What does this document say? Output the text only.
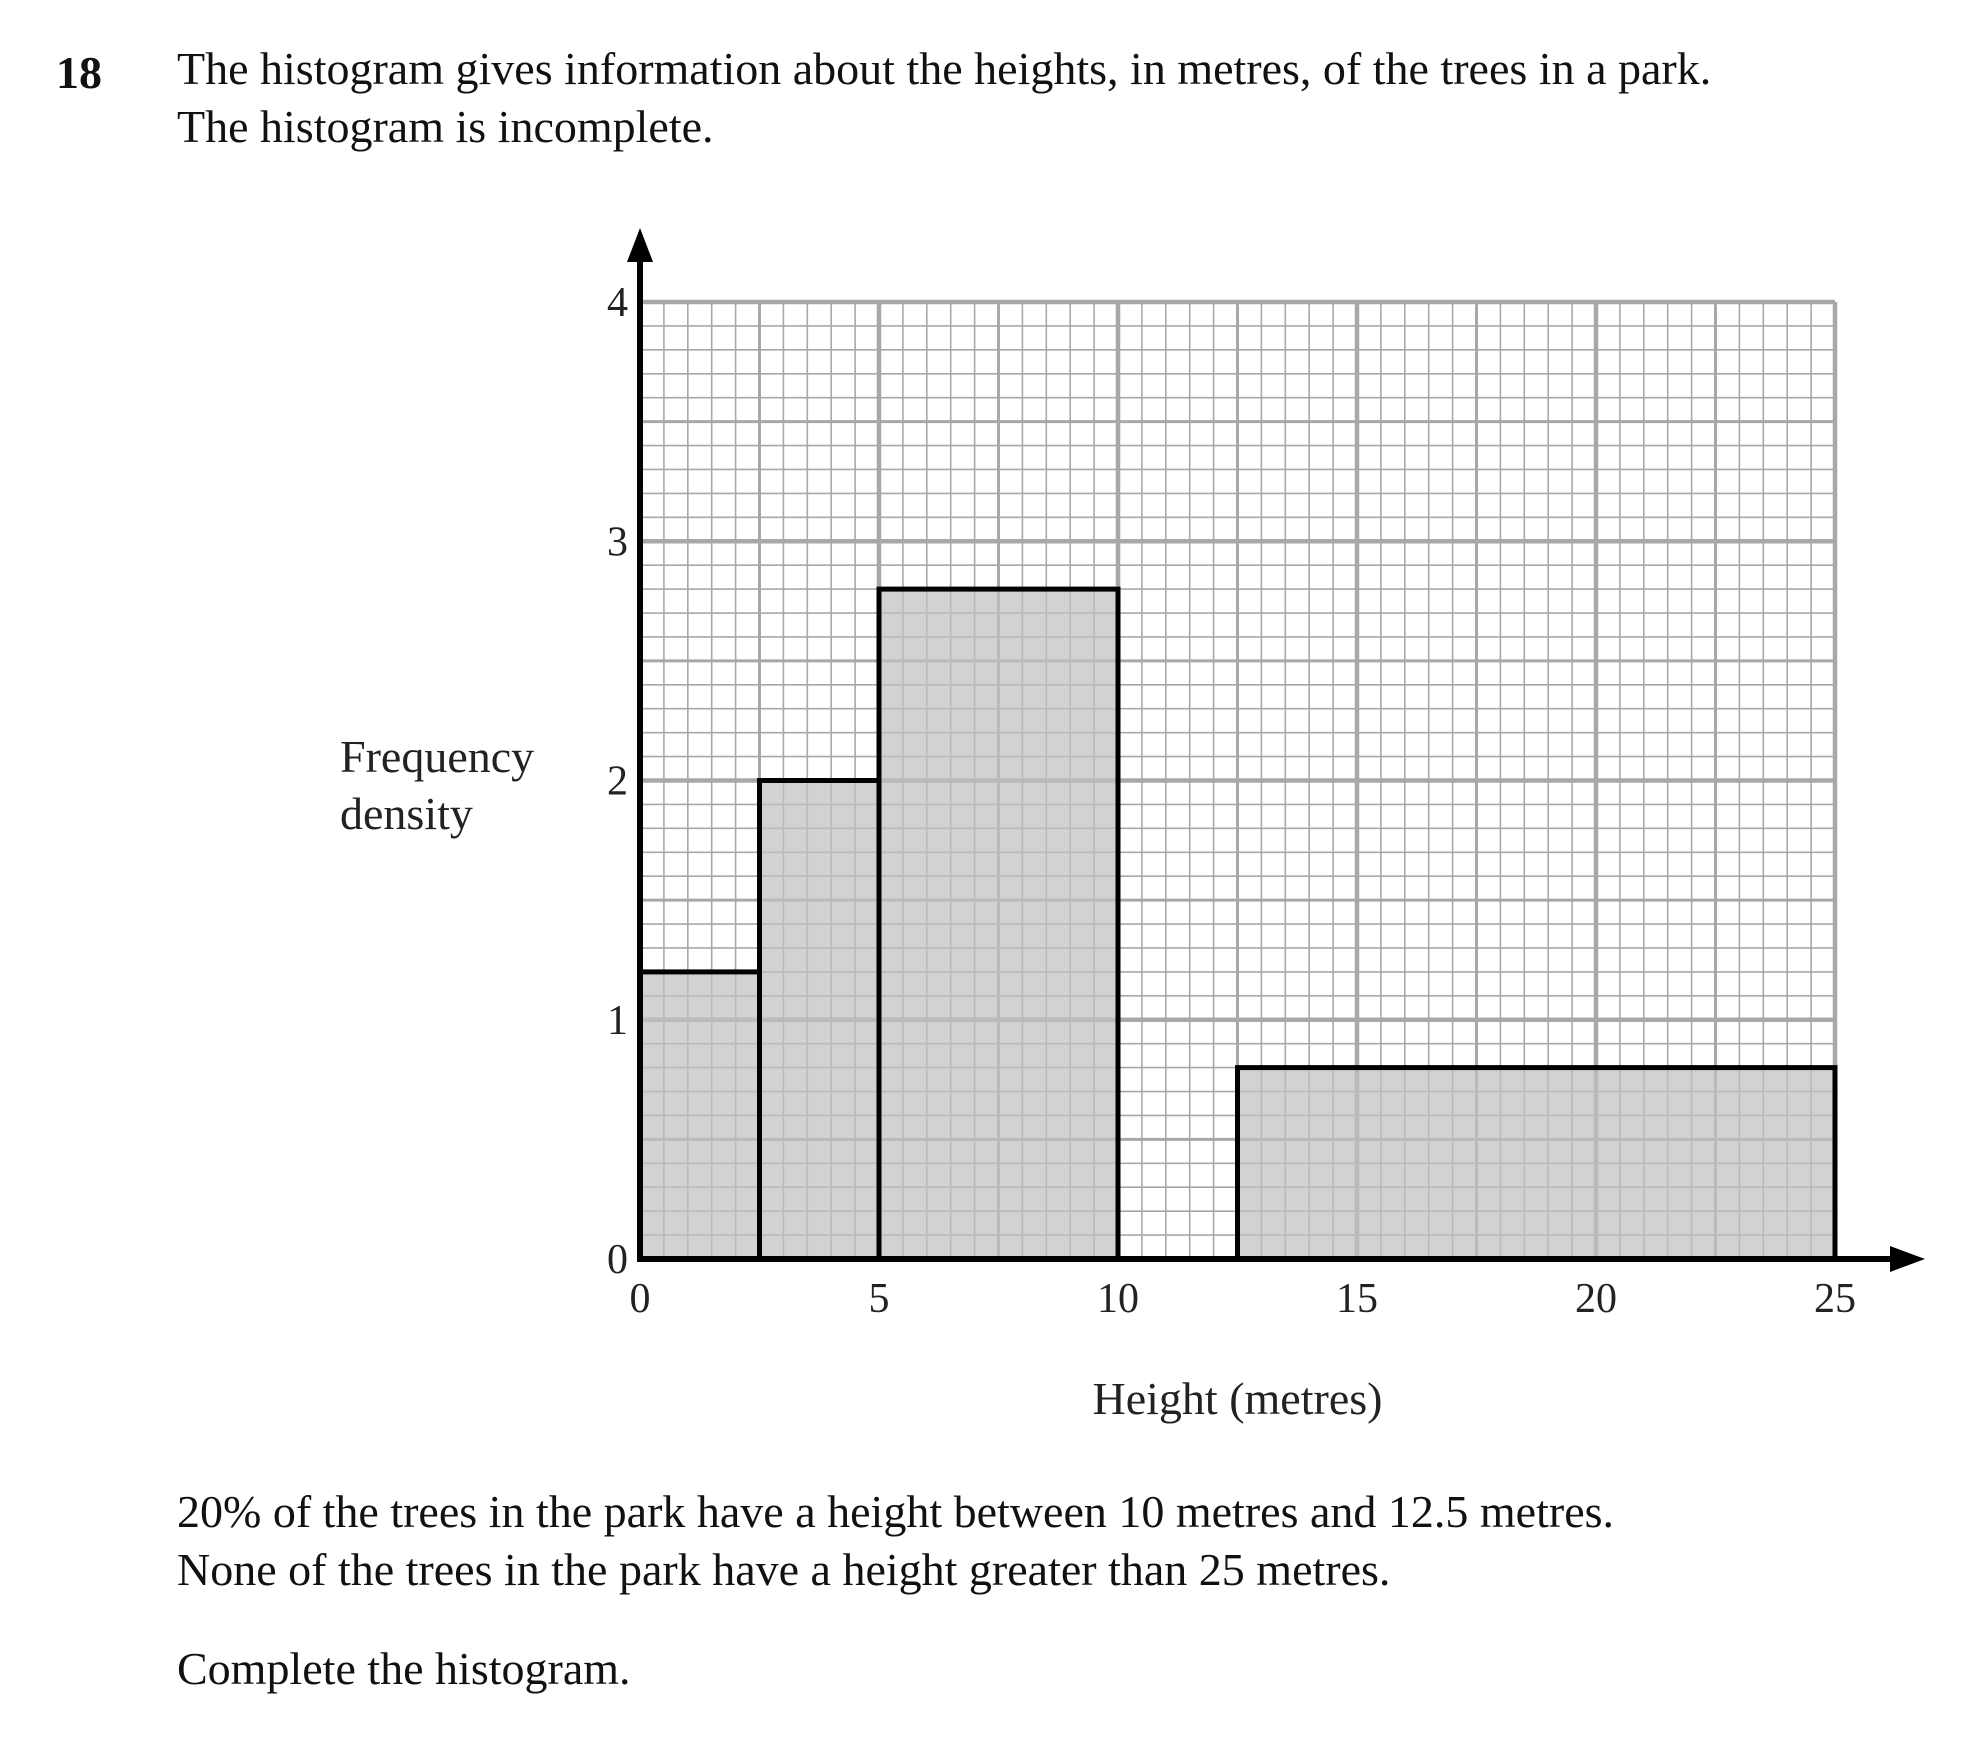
18 The histogram gives information about the heights, in metres, of the trees in a park.
The histogram is incomplete.

0	5	10	15	20	25
0
1
2
3
4
Height (metres)
Frequency
density

20% of the trees in the park have a height between 10 metres and 12.5 metres.
None of the trees in the park have a height greater than 25 metres.

Complete the histogram.
